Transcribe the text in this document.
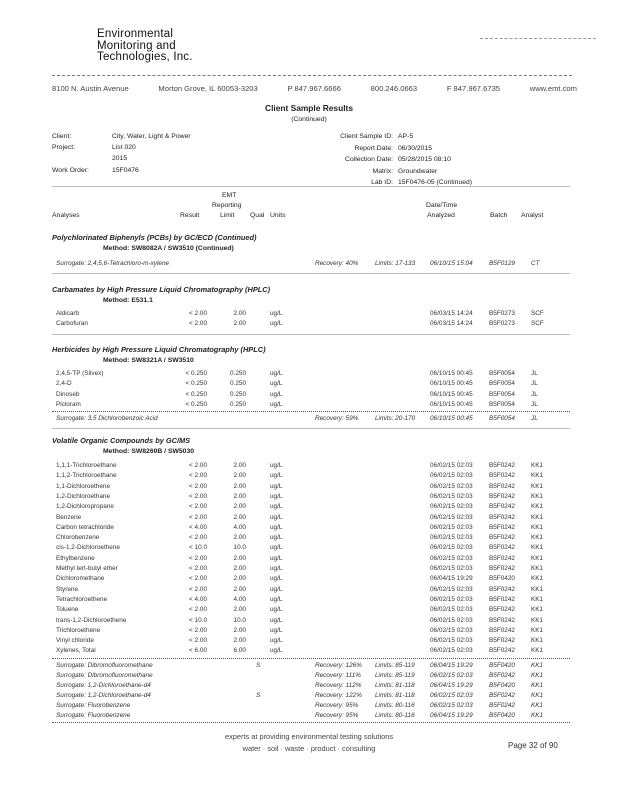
Environmental
Monitoring and
Technologies, Inc.
8100 N. Austin Avenue	Morton Grove, IL 60053-3203	P 847.967.6666	800.246.0663	F 847.967.6735	www.emt.com
Client Sample Results
(Continued)
Client:	City, Water, Light & Power
Project:	List 020
2015
Work Order:	15F0476
Client Sample ID: AP-5
Report Date: 06/30/2015
Collection Date: 05/28/2015 08:10
Matrix: Groundwater
Lab ID: 15F0476-05 (Continued)
Analyses	Result
EMT
Reporting
Limit Qual Units
Date/Time
Analyzed	Batch Analyst
Polychlorinated Biphenyls (PCBs) by GC/ECD (Continued)
Method: SW8082A / SW3510 (Continued)
Surrogate: 2,4,5,6-Tetrachloro-m-xylene	Recovery: 40%	Limits: 17-133 06/10/15 15:04	B5F0129	CT
Carbamates by High Pressure Liquid Chromatography (HPLC)
Method: E531.1
Aldicarb	< 2.00	2.00	ug/L	06/03/15 14:24	B5F0273	SCF
Carbofuran	< 2.00	2.00	ug/L	06/03/15 14:24	B5F0273	SCF
Herbicides by High Pressure Liquid Chromatography (HPLC)
Method: SW8321A / SW3510
2,4,5-TP (Silvex)	< 0.250	0.250	ug/L	06/10/15 00:45	B5F0054	JL
2,4-D	< 0.250	0.250	ug/L	06/10/15 00:45	B5F0054	JL
Dinoseb	< 0.250	0.250	ug/L	06/10/15 00:45	B5F0054	JL
Picloram	< 0.250	0.250	ug/L	06/10/15 00:45	B5F0054	JL
Surrogate: 3,5 Dichlorobenzoic Acid	Recovery: 59%	Limits: 20-170 06/10/15 00:45	B5F0054	JL
Volatile Organic Compounds by GC/MS
Method: SW8260B / SW5030
1,1,1-Trichloroethane	< 2.00	2.00	ug/L	06/02/15 02:03	B5F0242	KK1
1,1,2-Trichloroethane	< 2.00	2.00	ug/L	06/02/15 02:03	B5F0242	KK1
1,1-Dichloroethene	< 2.00	2.00	ug/L	06/02/15 02:03	B5F0242	KK1
1,2-Dichloroethane	< 2.00	2.00	ug/L	06/02/15 02:03	B5F0242	KK1
1,2-Dichloropropane	< 2.00	2.00	ug/L	06/02/15 02:03	B5F0242	KK1
Benzene	< 2.00	2.00	ug/L	06/02/15 02:03	B5F0242	KK1
Carbon tetrachloride	< 4.00	4.00	ug/L	06/02/15 02:03	B5F0242	KK1
Chlorobenzene	< 2.00	2.00	ug/L	06/02/15 02:03	B5F0242	KK1
cis-1,2-Dichloroethene	< 10.0	10.0	ug/L	06/02/15 02:03	B5F0242	KK1
Ethylbenzene	< 2.00	2.00	ug/L	06/02/15 02:03	B5F0242	KK1
Methyl tert-butyl ether	< 2.00	2.00	ug/L	06/02/15 02:03	B5F0242	KK1
Dichloromethane	< 2.00	2.00	ug/L	06/04/15 19:29	B5F0420	KK1
Styrene	< 2.00	2.00	ug/L	06/02/15 02:03	B5F0242	KK1
Tetrachloroethene	< 4.00	4.00	ug/L	06/02/15 02:03	B5F0242	KK1
Toluene	< 2.00	2.00	ug/L	06/02/15 02:03	B5F0242	KK1
trans-1,2-Dichloroethene	< 10.0	10.0	ug/L	06/02/15 02:03	B5F0242	KK1
Trichloroethene	< 2.00	2.00	ug/L	06/02/15 02:03	B5F0242	KK1
Vinyl chloride	< 2.00	2.00	ug/L	06/02/15 02:03	B5F0242	KK1
Xylenes, Total	< 6.00	6.00	ug/L	06/02/15 02:03	B5F0242	KK1
Surrogate: Dibromofluoromethane	S	Recovery: 126% Limits: 85-119 06/04/15 19:29	B5F0420	KK1
Surrogate: Dibromofluoromethane	Recovery: 111% Limits: 85-119 06/02/15 02:03	B5F0242	KK1
Surrogate: 1,2-Dichloroethane-d4	Recovery: 112% Limits: 81-118 06/04/15 19:29	B5F0420	KK1
Surrogate: 1,2-Dichloroethane-d4	S	Recovery: 122% Limits: 81-118 06/02/15 02:03	B5F0242	KK1
Surrogate: Fluorobenzene	Recovery: 95%	Limits: 80-116 06/02/15 02:03	B5F0242	KK1
Surrogate: Fluorobenzene	Recovery: 95%	Limits: 80-116 06/04/15 19:29	B5F0420	KK1
experts at providing environmental testing solutions
water · soil · waste · product · consulting	Page 32 of 90
